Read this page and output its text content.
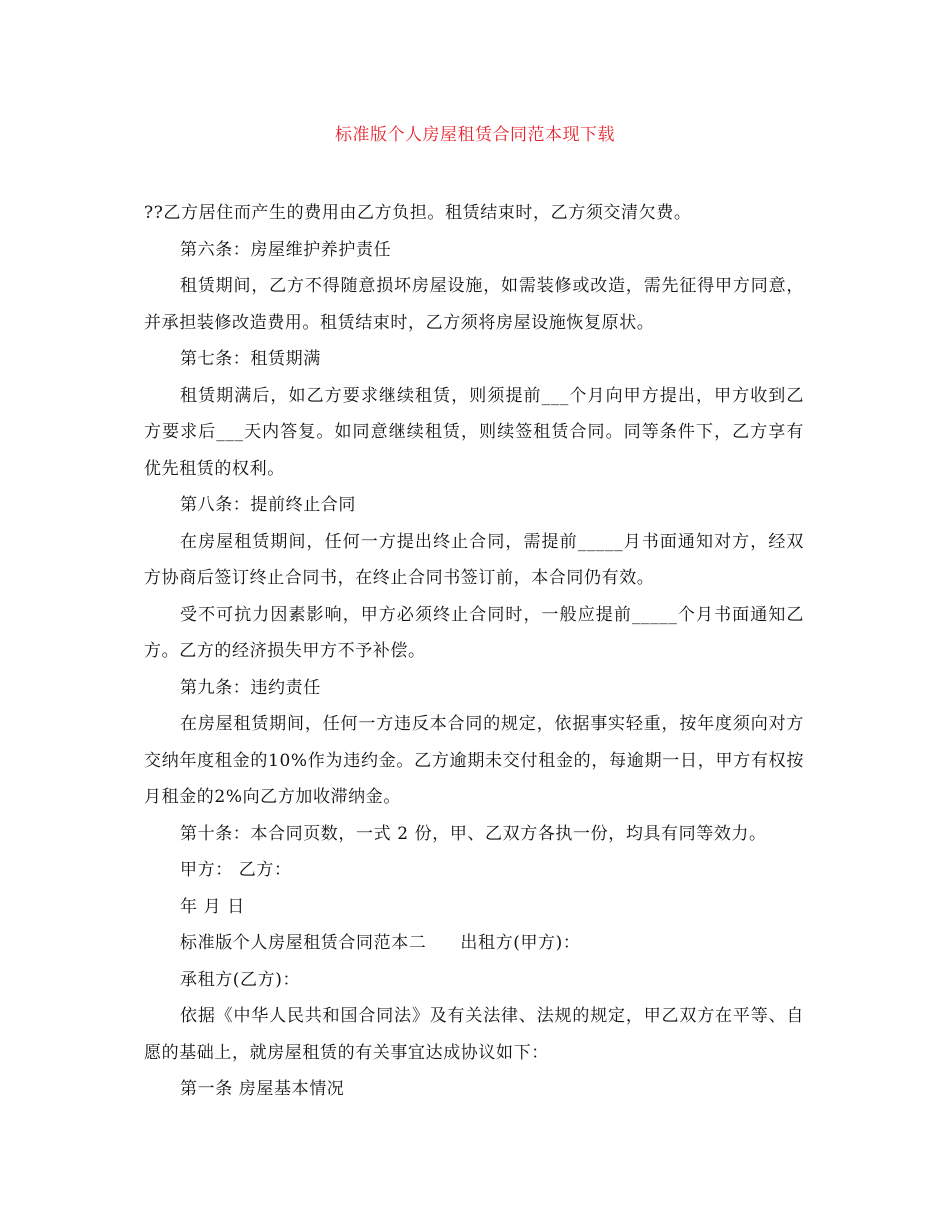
标准版个人房屋租赁合同范本现下载

??乙方居住而产生的费用由乙方负担。租赁结束时，乙方须交清欠费。

第六条：房屋维护养护责任

租赁期间，乙方不得随意损坏房屋设施，如需装修或改造，需先征得甲方同意，并承担装修改造费用。租赁结束时，乙方须将房屋设施恢复原状。

第七条：租赁期满

租赁期满后，如乙方要求继续租赁，则须提前___个月向甲方提出，甲方收到乙方要求后___天内答复。如同意继续租赁，则续签租赁合同。同等条件下，乙方享有优先租赁的权利。

第八条：提前终止合同

在房屋租赁期间，任何一方提出终止合同，需提前_____月书面通知对方，经双方协商后签订终止合同书，在终止合同书签订前，本合同仍有效。

受不可抗力因素影响，甲方必须终止合同时，一般应提前_____个月书面通知乙方。乙方的经济损失甲方不予补偿。

第九条：违约责任

在房屋租赁期间，任何一方违反本合同的规定，依据事实轻重，按年度须向对方交纳年度租金的10%作为违约金。乙方逾期未交付租金的，每逾期一日，甲方有权按月租金的2%向乙方加收滞纳金。

第十条：本合同页数，一式 2 份，甲、乙双方各执一份，均具有同等效力。

甲方： 乙方：

年 月 日

标准版个人房屋租赁合同范本二 出租方(甲方)：

承租方(乙方)：

依据《中华人民共和国合同法》及有关法律、法规的规定，甲乙双方在平等、自愿的基础上，就房屋租赁的有关事宜达成协议如下：

第一条 房屋基本情况
